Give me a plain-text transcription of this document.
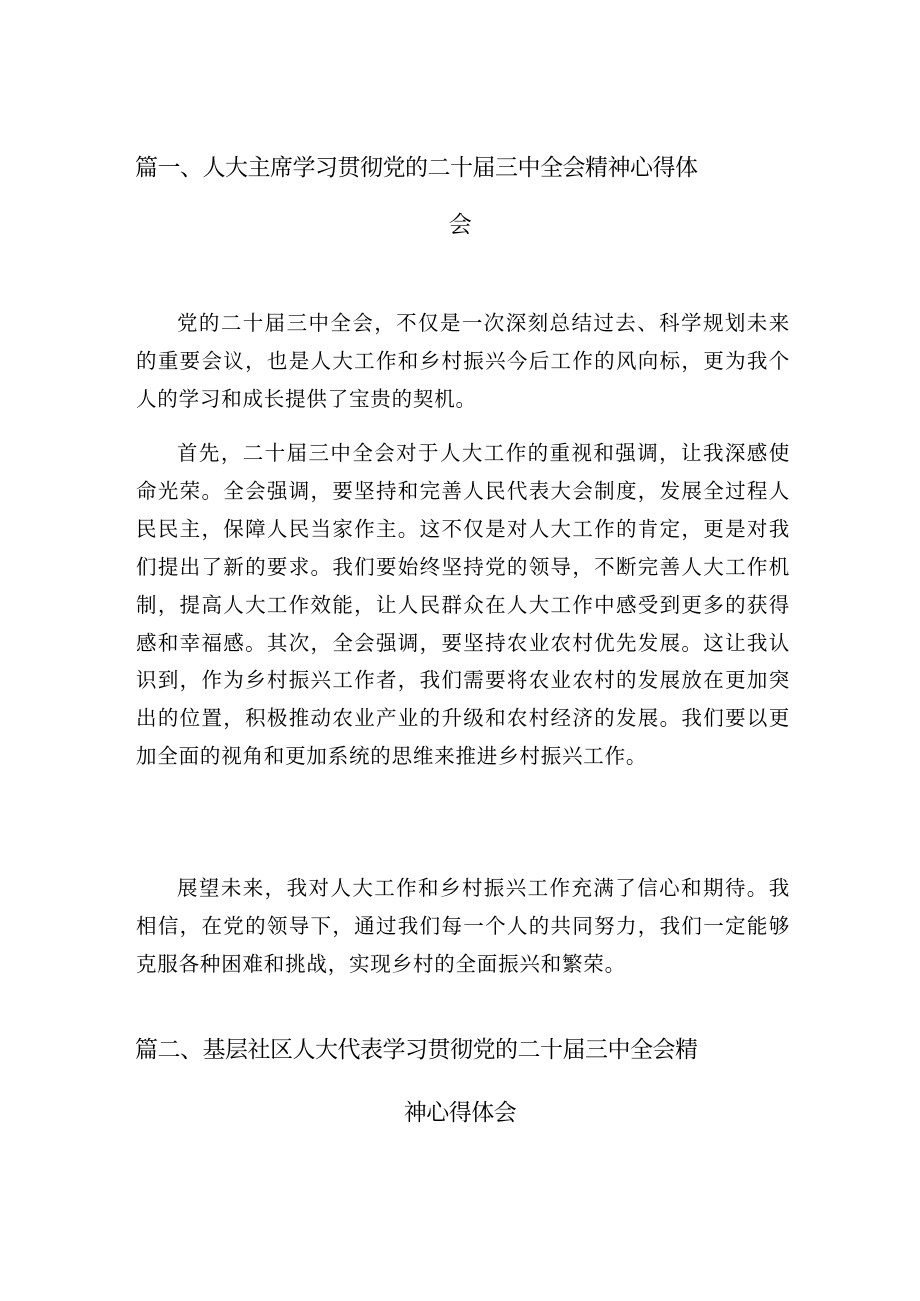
篇一、人大主席学习贯彻党的二十届三中全会精神心得体
会

党的二十届三中全会，不仅是一次深刻总结过去、科学规划未来的重要会议，也是人大工作和乡村振兴今后工作的风向标，更为我个人的学习和成长提供了宝贵的契机。

首先，二十届三中全会对于人大工作的重视和强调，让我深感使命光荣。全会强调，要坚持和完善人民代表大会制度，发展全过程人民民主，保障人民当家作主。这不仅是对人大工作的肯定，更是对我们提出了新的要求。我们要始终坚持党的领导，不断完善人大工作机制，提高人大工作效能，让人民群众在人大工作中感受到更多的获得感和幸福感。其次，全会强调，要坚持农业农村优先发展。这让我认识到，作为乡村振兴工作者，我们需要将农业农村的发展放在更加突出的位置，积极推动农业产业的升级和农村经济的发展。我们要以更加全面的视角和更加系统的思维来推进乡村振兴工作。

展望未来，我对人大工作和乡村振兴工作充满了信心和期待。我相信，在党的领导下，通过我们每一个人的共同努力，我们一定能够克服各种困难和挑战，实现乡村的全面振兴和繁荣。

篇二、基层社区人大代表学习贯彻党的二十届三中全会精
神心得体会
